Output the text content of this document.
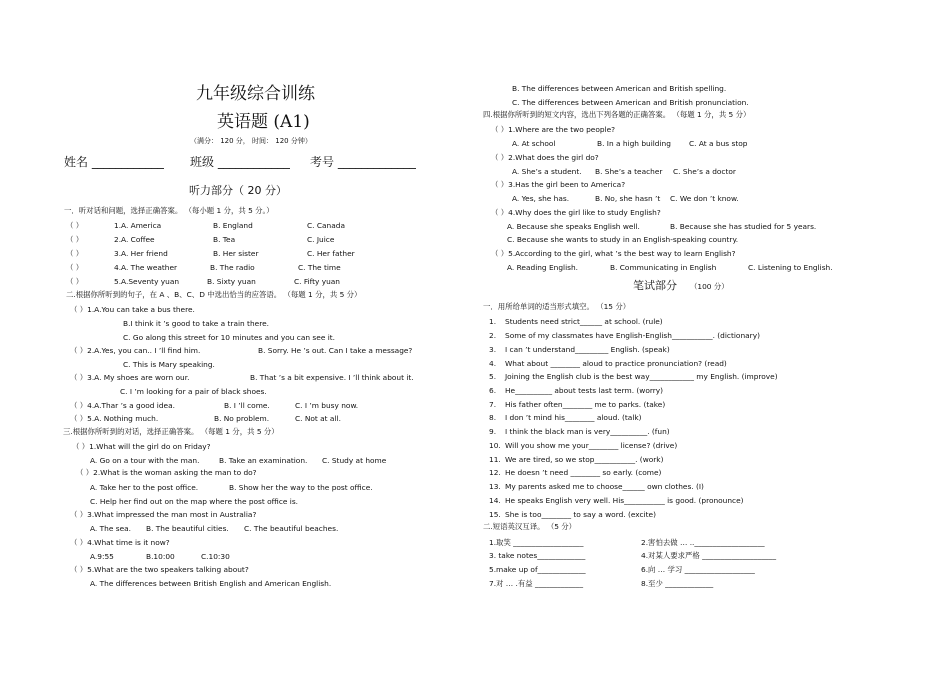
九年级综合训练
英语题 (A1)
（满分： 120 分， 时间： 120 分钟）
姓名 ____________ 班级 ____________ 考号 _____________
听力部分（ 20 分）
一．听对话和问题，选择正确答案。 （每小题 1 分，共 5 分。）
（ ）	1.A. America	B. England	C. Canada
（ ）	2.A. Coffee	B. Tea	C. Juice
（ ）	3.A. Her friend	B. Her sister	C. Her father
（ ）	4.A. The weather	B. The radio	C. The time
（ ）	5.A.Seventy yuan	B. Sixty yuan	C. Fifty yuan
二.根据你所听到的句子，在 A 、B、C、D 中选出恰当的应答语。 （每题 1 分，共 5 分）
（ ）1.A.You can take a bus there.
B.I think it ’s good to take a train there.
C. Go along this street for 10 minutes and you can see it.
（ ）2.A.Yes, you can.. I ’ll find him.	B. Sorry. He ’s out. Can I take a message?
C. This is Mary speaking.
（ ）3.A. My shoes are worn our.	B. That ’s a bit expensive. I ’ll think about it.
C. I ’m looking for a pair of black shoes.
（ ）4.A.Thar ’s a good idea.	B. I ’ll come.	C. I ’m busy now.
（ ）5.A. Nothing much.	B. No problem.	C. Not at all.
三.根据你所听到的对话，选择正确答案。 （每题 1 分，共 5 分）
（ ）1.What will the girl do on Friday?
A. Go on a tour with the man.	B. Take an examination. C. Study at home
（ ）2.What is the woman asking the man to do?
A. Take her to the post office.	B. Show her the way to the post office.
C. Help her find out on the map where the post office is.
（ ）3.What impressed the man most in Australia?
A. The sea. B. The beautiful cities. C. The beautiful beaches.
（ ）4.What time is it now?
A.9:55	B.10:00	C.10:30
（ ）5.What are the two speakers talking about?
A. The differences between British English and American English.
B. The differences between American and British spelling.
C. The differences between American and British pronunciation.
四.根据你所听到的短文内容，选出下列各题的正确答案。 （每题 1 分，共 5 分）
（ ）1.Where are the two people?
A. At school	B. In a high building C. At a bus stop
（ ）2.What does the girl do?
A. She’s a student. B. She’s a teacher C. She’s a doctor
（ ）3.Has the girl been to America?
A. Yes, she has.	B. No, she hasn ’t C. We don ’t know.
（ ）4.Why does the girl like to study English?
A. Because she speaks English well.	B. Because she has studied for 5 years.
C. Because she wants to study in an English-speaking country.
（ ）5.According to the girl, what ’s the best way to learn English?
A. Reading English.	B. Communicating in English	C. Listening to English.
笔试部分 （100 分）
一．用所给单词的适当形式填空。 （15 分）
1. Students need strict______ at school. (rule)
2. Some of my classmates have English-English___________. (dictionary)
3. I can ’t understand_________ English. (speak)
4. What about ________ aloud to practice pronunciation? (read)
5. Joining the English club is the best way____________ my English. (improve)
6. He__________ about tests last term. (worry)
7. His father often________ me to parks. (take)
8. I don ’t mind his________ aloud. (talk)
9. I think the black man is very__________. (fun)
10. Will you show me your________ license? (drive)
11. We are tired, so we stop___________. (work)
12. He doesn ’t need ________ so early. (come)
13. My parents asked me to choose______ own clothes. (I)
14. He speaks English very well. His___________ is good. (pronounce)
15. She is too________ to say a word. (excite)
二.短语英汉互译。 （5 分）
1.取笑 ___________________	2.害怕去做 … ..___________________
3. take notes_____________	4.对某人要求严格 ____________________
5.make up of_____________	6.向 … 学习 ___________________
7.对 … .有益 _____________	8.至少 _____________
